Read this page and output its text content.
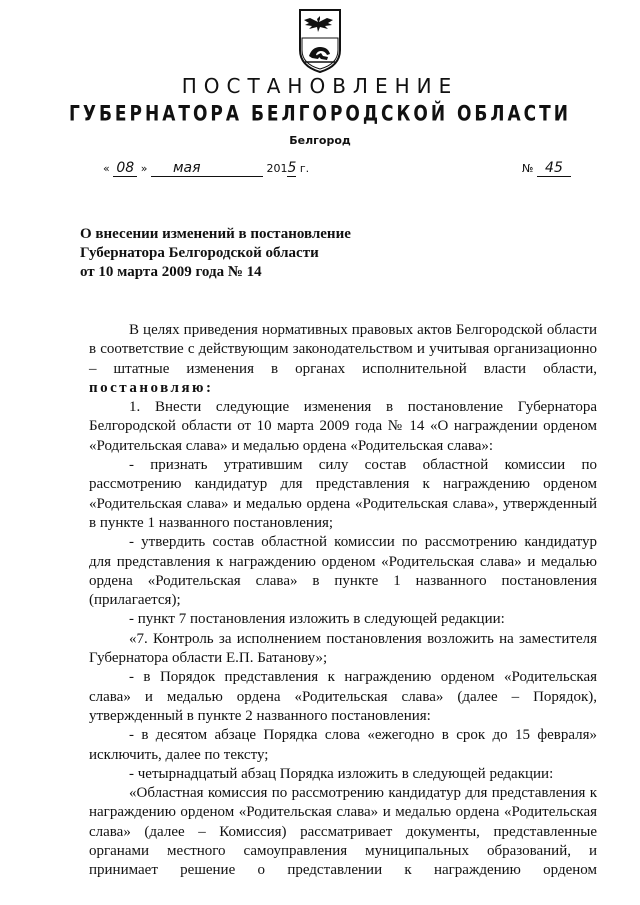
ПОСТАНОВЛЕНИЕ
ГУБЕРНАТОРА БЕЛГОРОДСКОЙ ОБЛАСТИ
Белгород
« 08 » мая	2015 г.	№ 45
О внесении изменений в постановление
Губернатора Белгородской области
от 10 марта 2009 года № 14

В целях приведения нормативных правовых актов Белгородской области в соответствие с действующим законодательством и учитывая организационно – штатные изменения в органах исполнительной власти области, постановляю:

1. Внести следующие изменения в постановление Губернатора Белгородской области от 10 марта 2009 года № 14 «О награждении орденом «Родительская слава» и медалью ордена «Родительская слава»:

- признать утратившим силу состав областной комиссии по рассмотрению кандидатур для представления к награждению орденом «Родительская слава» и медалью ордена «Родительская слава», утвержденный в пункте 1 названного постановления;

- утвердить состав областной комиссии по рассмотрению кандидатур для представления к награждению орденом «Родительская слава» и медалью ордена «Родительская слава» в пункте 1 названного постановления (прилагается);

- пункт 7 постановления изложить в следующей редакции:

«7. Контроль за исполнением постановления возложить на заместителя Губернатора области Е.П. Батанову»;

- в Порядок представления к награждению орденом «Родительская слава» и медалью ордена «Родительская слава» (далее – Порядок), утвержденный в пункте 2 названного постановления:

- в десятом абзаце Порядка слова «ежегодно в срок до 15 февраля» исключить, далее по тексту;

- четырнадцатый абзац Порядка изложить в следующей редакции:

«Областная комиссия по рассмотрению кандидатур для представления к награждению орденом «Родительская слава» и медалью ордена «Родительская слава» (далее – Комиссия) рассматривает документы, представленные органами местного самоуправления муниципальных образований, и принимает решение о представлении к награждению орденом
